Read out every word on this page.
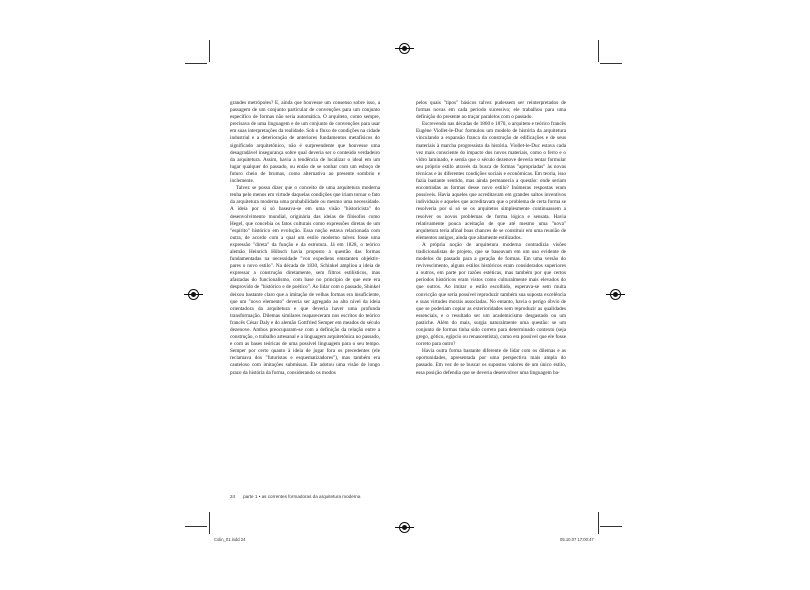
grandes metrópoles? E, ainda que houvesse um consenso sobre isso, a passagem de um conjunto particular de convenções para um conjunto específico de formas não seria automática. O arquiteto, como sempre, precisava de uma linguagem e de um conjunto de convenções para usar em suas interpretações da realidade. Sob o fluxo de condições na cidade industrial e a deterioração de anteriores fundamentos metafísicos do significado arquitetônico, não é surpreendente que houvesse uma desagradável insegurança sobre qual deveria ser o conteúdo verdadeiro da arquitetura. Assim, havia a tendência de localizar o ideal em um lugar qualquer do passado, ou então de se sonhar com um esboço de futuro cheio de brumas, como alternativa ao presente sombrio e inclemente.

Talvez se possa dizer que o conceito de uma arquitetura moderna tenha pelo menos em virtude daquelas condições que iriam tornar o fato da arquitetura moderna uma probabilidade ou mesmo uma necessidade. A ideia por si só baseava-se em uma visão "historicista" do desenvolvimento mundial, originária das ideias de filósofos como Hegel, que concebia os fatos culturais como expressões diretas de um "espírito" histórico em evolução. Essa noção estava relacionada com outra, de acordo com a qual um estilo moderno talvez fosse uma expressão "direta" da função e da estrutura. Já em 1828, o teórico alemão Heinrich Hübsch havia proposto a questão das formas fundamentadas na necessidade "von expediens entstanten objektiv-pares o novo estilo". Na década de 1830, Schinkel ampliou a ideia de expressar a construção diretamente, sem filtros estilísticos, mas afastadas do funcionalismo, com base no princípio de que este era desprovido de "histórico e de poético". Ao lidar com o passado, Shinkel deixou bastante claro que a imitação de velhas formas era insuficiente, que um "novo elemento" deveria ser agregado ao alto nível da ideia orientadora da arquitetura e que deveria haver uma profunda transformação. Dilemas similares reapareceram nos escritos do teórico francês César Daly e do alemão Gottfried Semper em meados do século dezenove. Ambos preocuparam-se com a definição da relação entre a construção, o trabalho artesanal e a linguagem arquitetônica no passado, e com as bases teóricas de uma possível linguagem para o seu tempo. Semper por certo quanto à ideia de jogar fora os precedentes (ele reclamava dos "futuristas e esquematizadores"), mas também era cauteloso com imitações submissas. Ele adotou uma visão de longo prazo da história da forma, considerando os modos

pelos quais "tipos" básicos talvez pudessem ser reinterpretados de formas novas em cada período sucessivo; ele trabalhou para uma definição do presente ao traçar paralelos com o passado.

Escrevendo nas décadas de 1860 e 1870, o arquiteto e teórico francês Eugène Viollet-le-Duc formulou um modelo de história da arquitetura vinculando a expansão franca da construção de edificações e de seus materiais à marcha progressista da história. Viollet-le-Duc estava cada vez mais consciente do impacto dos novos materiais, como o ferro e o vidro laminado, e sentia que o século dezenove deveria tentar formular seu próprio estilo através da busca de formas "apropriadas" às novas técnicas e às diferentes condições sociais e econômicas. Em teoria, isso fazia bastante sentido, mas ainda permanecia a questão: onde seriam encontradas as formas desse novo estilo? Inúmeras respostas eram possíveis. Havia aqueles que acreditavam em grandes saltos inventivos individuais e aqueles que acreditavam que o problema de certa forma se resolveria por si só se os arquitetos simplesmente continuassem a resolver os novos problemas de forma lógica e sensata. Havia relativamente pouca aceitação de que até mesmo uma "nova" arquitetura teria afinal boas chances de se constituir em uma reunião de elementos antigos, ainda que altamente estilizados.

A própria noção de arquitetura moderna contradizia visões tradicionalistas de projeto, que se baseavam em um uso evidente de modelos do passado para a geração de formas. Em uma versão do revivescimento, alguns estilos históricos eram considerados superiores a outros, em parte por razões estéticas, mas também por que certos períodos históricos eram vistos como culturalmente mais elevados do que outros. Ao imitar o estilo escolhido, esperava-se sem muita convicção que seria possível reproduzir também sua suposta excelência e suas virtudes morais associadas. No entanto, havia o perigo óbvio de que se poderiam copiar as exterioridades sem reproduzir as qualidades essenciais, e o resultado ser um academicismo desgastado ou um pastiche. Além do mais, surgia naturalmente uma questão: se um conjunto de formas tinha sido correto para determinado contexto (seja grego, gótico, egípcio ou renascentista), como era possível que ele fosse correto para outro?

Havia outra forma bastante diferente de lidar com os dilemas e as oportunidades, apresentada por uma perspectiva mais ampla do passado. Em vez de se buscar os supostos valores de um único estilo, essa posição defendia que se deveria desenvolver uma linguagem ba-

24 parte 1 • as correntes formadoras da arquitetura moderna
Colin_01.indd 24	05.10.07 17:00:47
